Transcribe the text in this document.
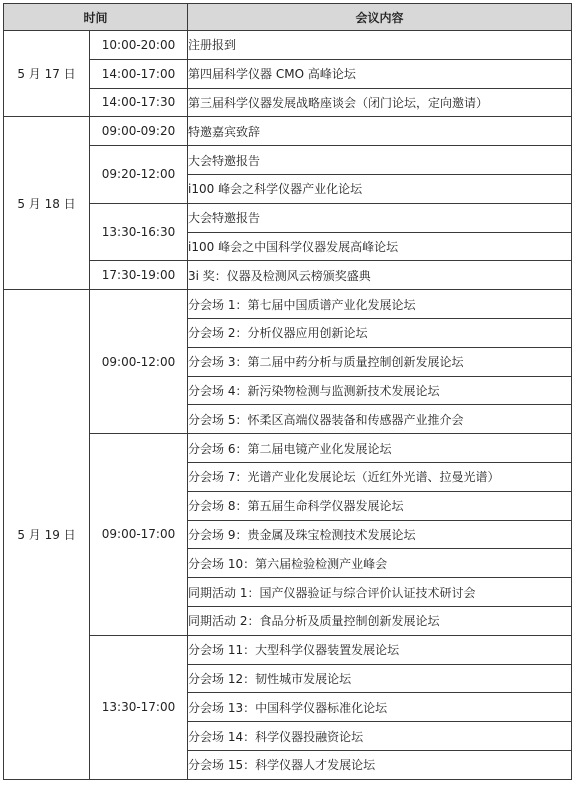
时间		会议内容
5 月 17 日	10:00-20:00	注册报到
	14:00-17:00	第四届科学仪器 CMO 高峰论坛
	14:00-17:30	第三届科学仪器发展战略座谈会（闭门论坛，定向邀请）
5 月 18 日	09:00-09:20	特邀嘉宾致辞
	09:20-12:00	大会特邀报告
		i100 峰会之科学仪器产业化论坛
	13:30-16:30	大会特邀报告
		i100 峰会之中国科学仪器发展高峰论坛
	17:30-19:00	3i 奖：仪器及检测风云榜颁奖盛典
5 月 19 日	09:00-12:00	分会场 1：第七届中国质谱产业化发展论坛
		分会场 2：分析仪器应用创新论坛
		分会场 3：第二届中药分析与质量控制创新发展论坛
		分会场 4：新污染物检测与监测新技术发展论坛
		分会场 5：怀柔区高端仪器装备和传感器产业推介会
	09:00-17:00	分会场 6：第二届电镜产业化发展论坛
		分会场 7：光谱产业化发展论坛（近红外光谱、拉曼光谱）
		分会场 8：第五届生命科学仪器发展论坛
		分会场 9：贵金属及珠宝检测技术发展论坛
		分会场 10：第六届检验检测产业峰会
		同期活动 1：国产仪器验证与综合评价认证技术研讨会
		同期活动 2：食品分析及质量控制创新发展论坛
	13:30-17:00	分会场 11：大型科学仪器装置发展论坛
		分会场 12：韧性城市发展论坛
		分会场 13：中国科学仪器标准化论坛
		分会场 14：科学仪器投融资论坛
		分会场 15：科学仪器人才发展论坛
